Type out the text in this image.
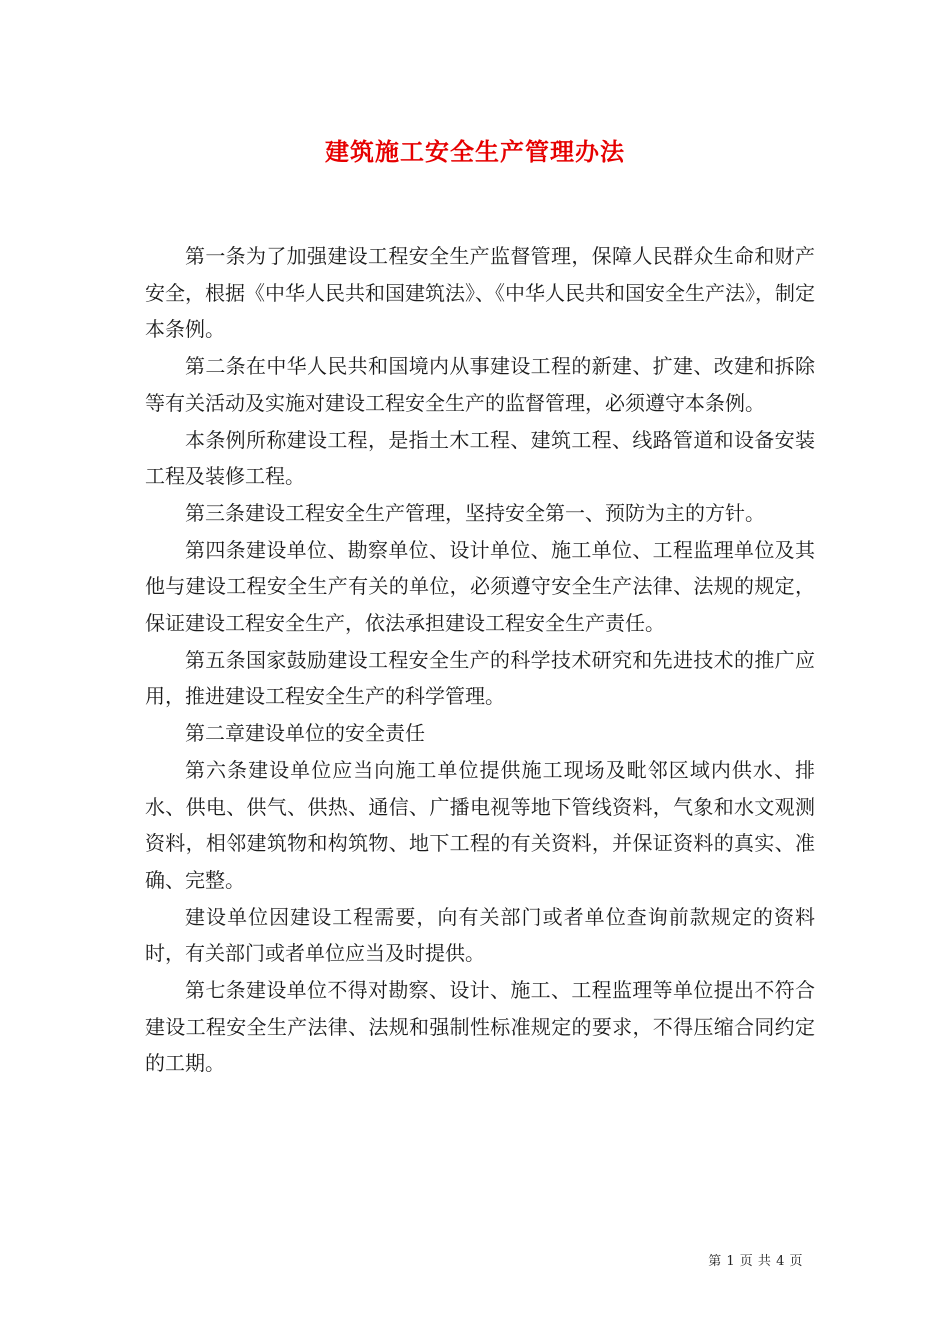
建筑施工安全生产管理办法

第一条为了加强建设工程安全生产监督管理，保障人民群众生命和财产安全，根据《中华人民共和国建筑法》、《中华人民共和国安全生产法》，制定本条例。

第二条在中华人民共和国境内从事建设工程的新建、扩建、改建和拆除等有关活动及实施对建设工程安全生产的监督管理，必须遵守本条例。

本条例所称建设工程，是指土木工程、建筑工程、线路管道和设备安装工程及装修工程。

第三条建设工程安全生产管理，坚持安全第一、预防为主的方针。

第四条建设单位、勘察单位、设计单位、施工单位、工程监理单位及其他与建设工程安全生产有关的单位，必须遵守安全生产法律、法规的规定，保证建设工程安全生产，依法承担建设工程安全生产责任。

第五条国家鼓励建设工程安全生产的科学技术研究和先进技术的推广应用，推进建设工程安全生产的科学管理。

第二章建设单位的安全责任

第六条建设单位应当向施工单位提供施工现场及毗邻区域内供水、排水、供电、供气、供热、通信、广播电视等地下管线资料，气象和水文观测资料，相邻建筑物和构筑物、地下工程的有关资料，并保证资料的真实、准确、完整。

建设单位因建设工程需要，向有关部门或者单位查询前款规定的资料时，有关部门或者单位应当及时提供。

第七条建设单位不得对勘察、设计、施工、工程监理等单位提出不符合建设工程安全生产法律、法规和强制性标准规定的要求，不得压缩合同约定的工期。

第 1 页 共 4 页
